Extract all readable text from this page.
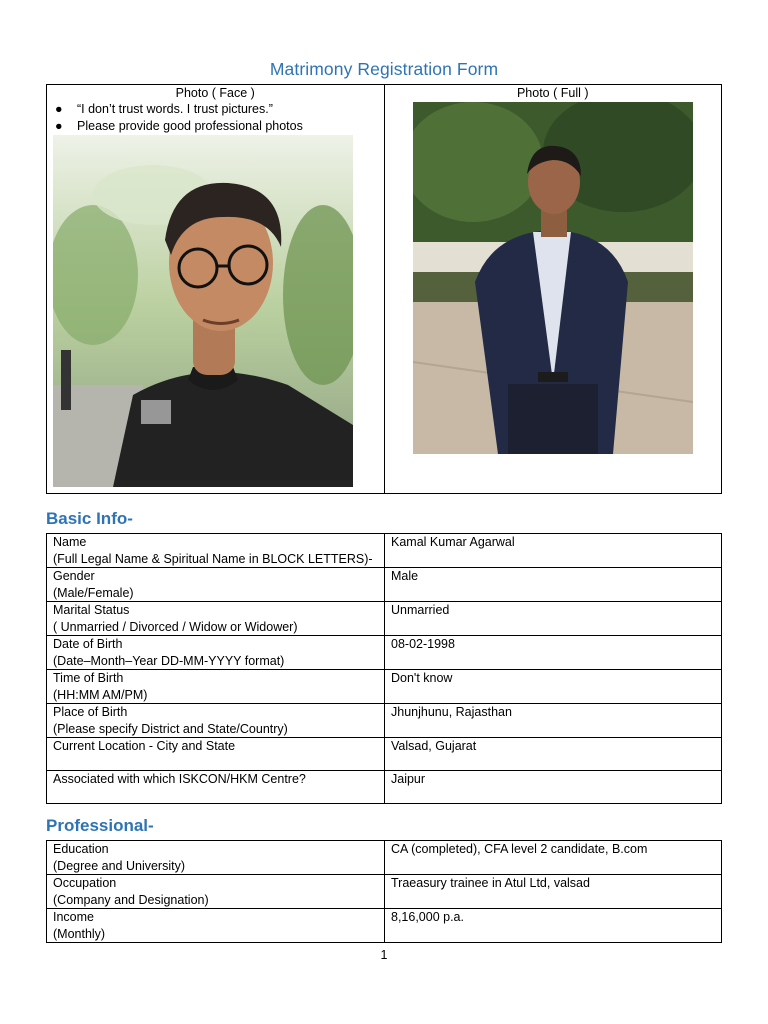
Matrimony Registration Form
Photo ( Face )
● “I don’t trust words. I trust pictures.”
● Please provide good professional photos

Photo ( Full )
Basic Info-
Name
(Full Legal Name & Spiritual Name in BLOCK LETTERS)-	Kamal Kumar Agarwal

Gender
(Male/Female)	Male

Marital Status
( Unmarried / Divorced / Widow or Widower)	Unmarried

Date of Birth
(Date–Month–Year DD-MM-YYYY format)	08-02-1998

Time of Birth
(HH:MM AM/PM)	Don't know

Place of Birth
(Please specify District and State/Country)	Jhunjhunu, Rajasthan

Current Location - City and State	Valsad, Gujarat

Associated with which ISKCON/HKM Centre?	Jaipur
Professional-
Education
(Degree and University)	CA (completed), CFA level 2 candidate, B.com

Occupation
(Company and Designation)	Traeasury trainee in Atul Ltd, valsad

Income
(Monthly)	8,16,000 p.a.
1
